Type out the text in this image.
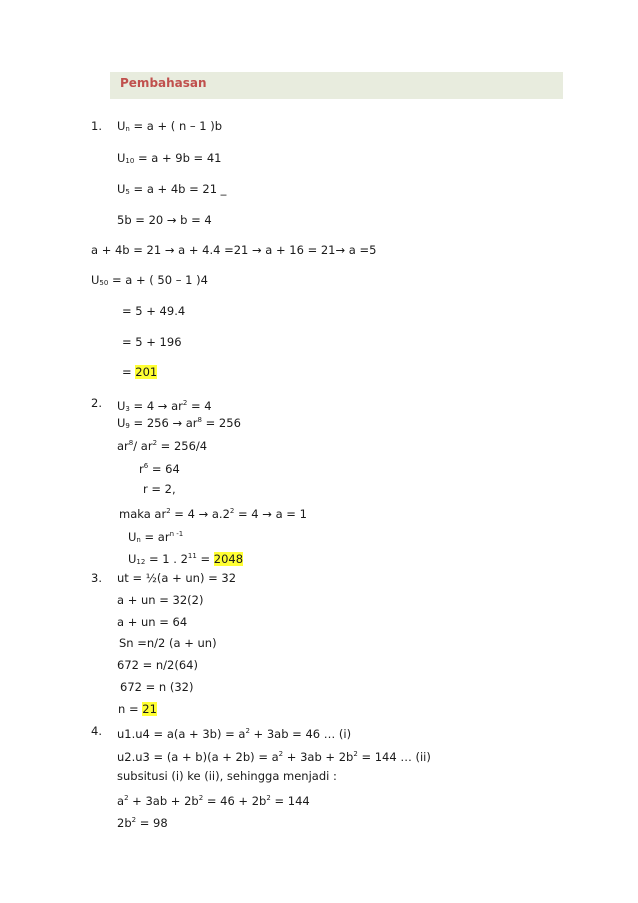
Pembahasan
1. $U_n = a$ + ( n – 1 )b
$U_{10} = a + 9b = 41$
$U_5 = a + 4b = 21$ _
5b = 20 → b = 4
a + 4b = 21 → a + 4.4 =21 → a + 16 = 21→ a =5
$U_{50} = a$ + ( 50 – 1 )4
= 5 + 49.4
= 5 + 196
= 201
2. $U_3 = 4 \to ar^2 = 4$
$U_9 = 256 \to ar^8 = 256$
$ar^8/$ $ar^2 = 256/4$
$r^6 = 64$
r = 2,
maka $ar^2 = 4 \to a.2^2 = 4 \to a = 1$
$U_n = ar^{n -1}$
$U_{12} = 1$ . $2^{11} = 2048$
3. ut = ½(a + un) = 32
a + un = 32(2)
a + un = 64
Sn =n/2 (a + un)
672 = n/2(64)
672 = n (32)
n = 21
4. $u1.u4 = a(a + 3b) = a^2 + 3ab = 46$ … (i)
$u2.u3 = (a + b)(a + 2b) = a^2 + 3ab + 2b^2 = 144$ … (ii)
subsitusi (i) ke (ii), sehingga menjadi :
$a^2 + 3ab + 2b^2 = 46 + 2b^2 = 144$
$2b^2 = 98$
